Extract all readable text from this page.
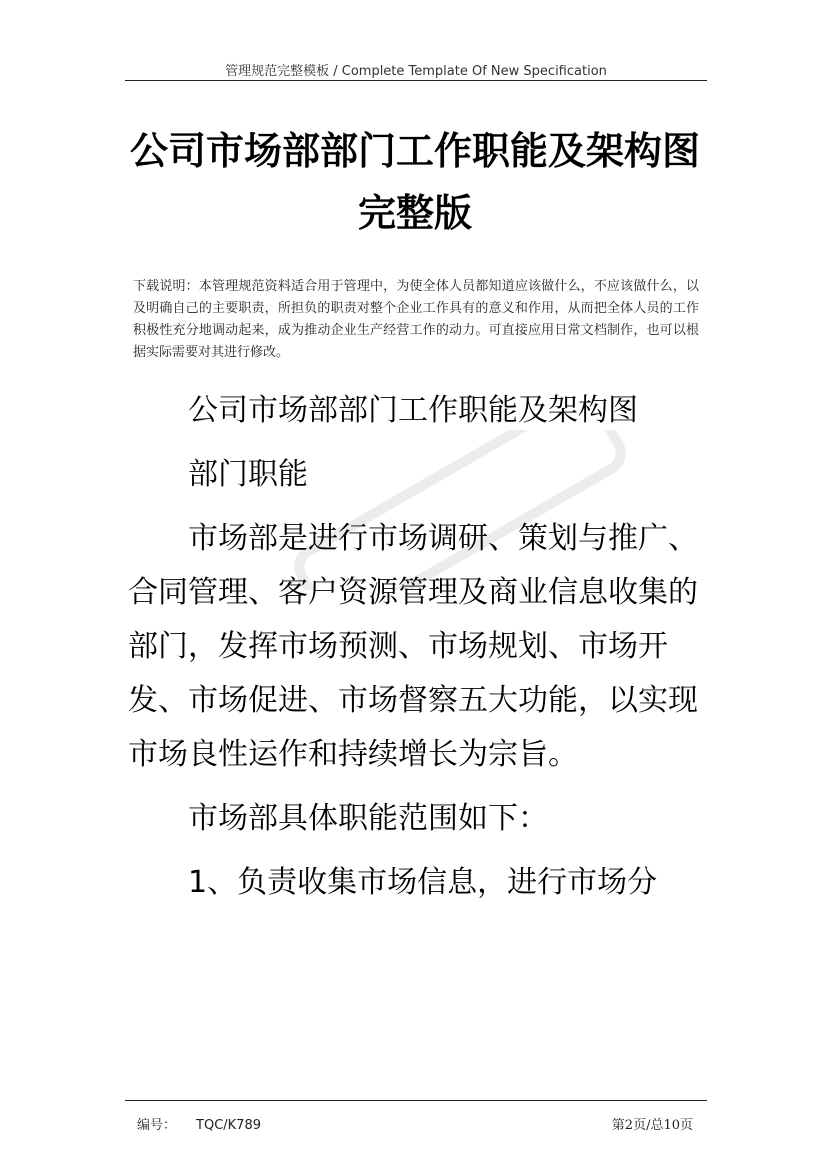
管理规范完整模板 / Complete Template Of New Specification
公司市场部部门工作职能及架构图
完整版
下载说明：本管理规范资料适合用于管理中，为使全体人员都知道应该做什么，不应该做什么，以及明确自己的主要职责，所担负的职责对整个企业工作具有的意义和作用，从而把全体人员的工作积极性充分地调动起来，成为推动企业生产经营工作的动力。可直接应用日常文档制作，也可以根据实际需要对其进行修改。

公司市场部部门工作职能及架构图

部门职能

市场部是进行市场调研、策划与推广、合同管理、客户资源管理及商业信息收集的部门，发挥市场预测、市场规划、市场开发、市场促进、市场督察五大功能，以实现市场良性运作和持续增长为宗旨。

市场部具体职能范围如下：

1、负责收集市场信息，进行市场分

编号： TQC/K789	第2页/总10页
